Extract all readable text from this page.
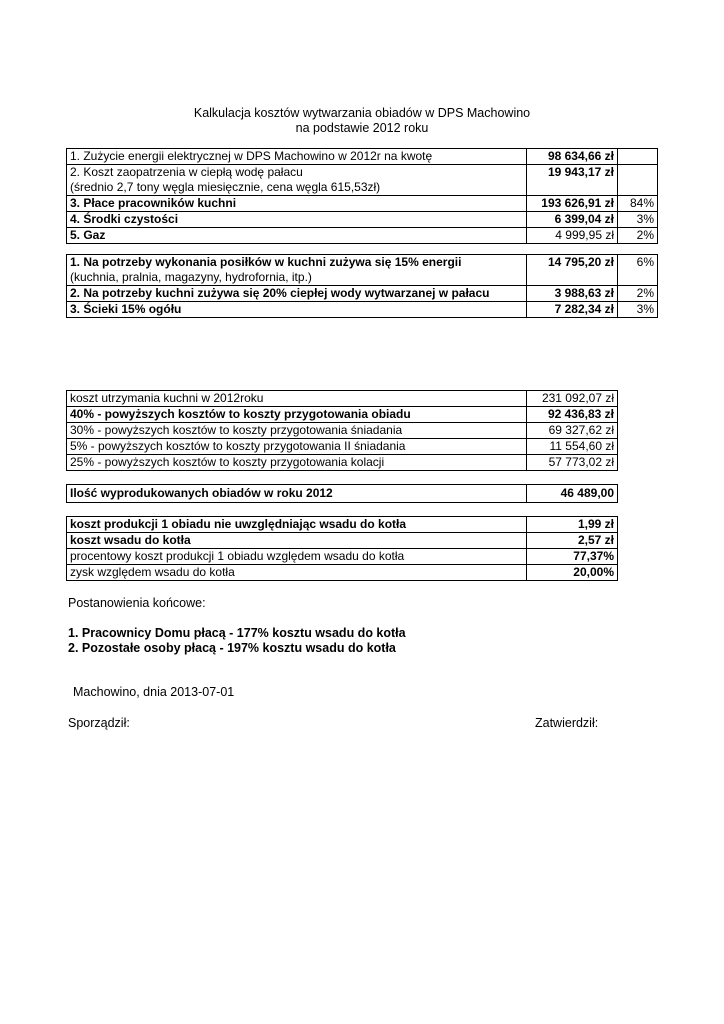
Kalkulacja kosztów wytwarzania obiadów w DPS Machowino
na podstawie 2012 roku
1. Zużycie energii elektrycznej w DPS Machowino w 2012r na kwotę	98 634,66 zł	
2. Koszt zaopatrzenia w ciepłą wodę pałacu	19 943,17 zł	
(średnio 2,7 tony węgla miesięcznie, cena węgla 615,53zł)		
3. Płace pracowników kuchni	193 626,91 zł	84%
4. Środki czystości	6 399,04 zł	3%
5. Gaz	4 999,95 zł	2%
1. Na potrzeby wykonania posiłków w kuchni zużywa się 15% energii	14 795,20 zł	6%
(kuchnia, pralnia, magazyny, hydrofornia, itp.)		
2. Na potrzeby kuchni zużywa się 20% ciepłej wody wytwarzanej w pałacu	3 988,63 zł	2%
3. Ścieki 15% ogółu	7 282,34 zł	3%
koszt utrzymania kuchni w 2012roku	231 092,07 zł
40% - powyższych kosztów to koszty przygotowania obiadu	92 436,83 zł
30% - powyższych kosztów to koszty przygotowania śniadania	69 327,62 zł
5% - powyższych kosztów to koszty przygotowania II śniadania	11 554,60 zł
25% - powyższych kosztów to koszty przygotowania kolacji	57 773,02 zł
Ilość wyprodukowanych obiadów w roku 2012	46 489,00
koszt produkcji 1 obiadu nie uwzględniając wsadu do kotła	1,99 zł
koszt wsadu do kotła	2,57 zł
procentowy koszt produkcji 1 obiadu względem wsadu do kotła	77,37%
zysk względem wsadu do kotła	20,00%
Postanowienia końcowe:
1. Pracownicy Domu płacą - 177% kosztu wsadu do kotła
2. Pozostałe osoby płacą - 197% kosztu wsadu do kotła
Machowino, dnia 2013-07-01
Sporządził:	Zatwierdził:
